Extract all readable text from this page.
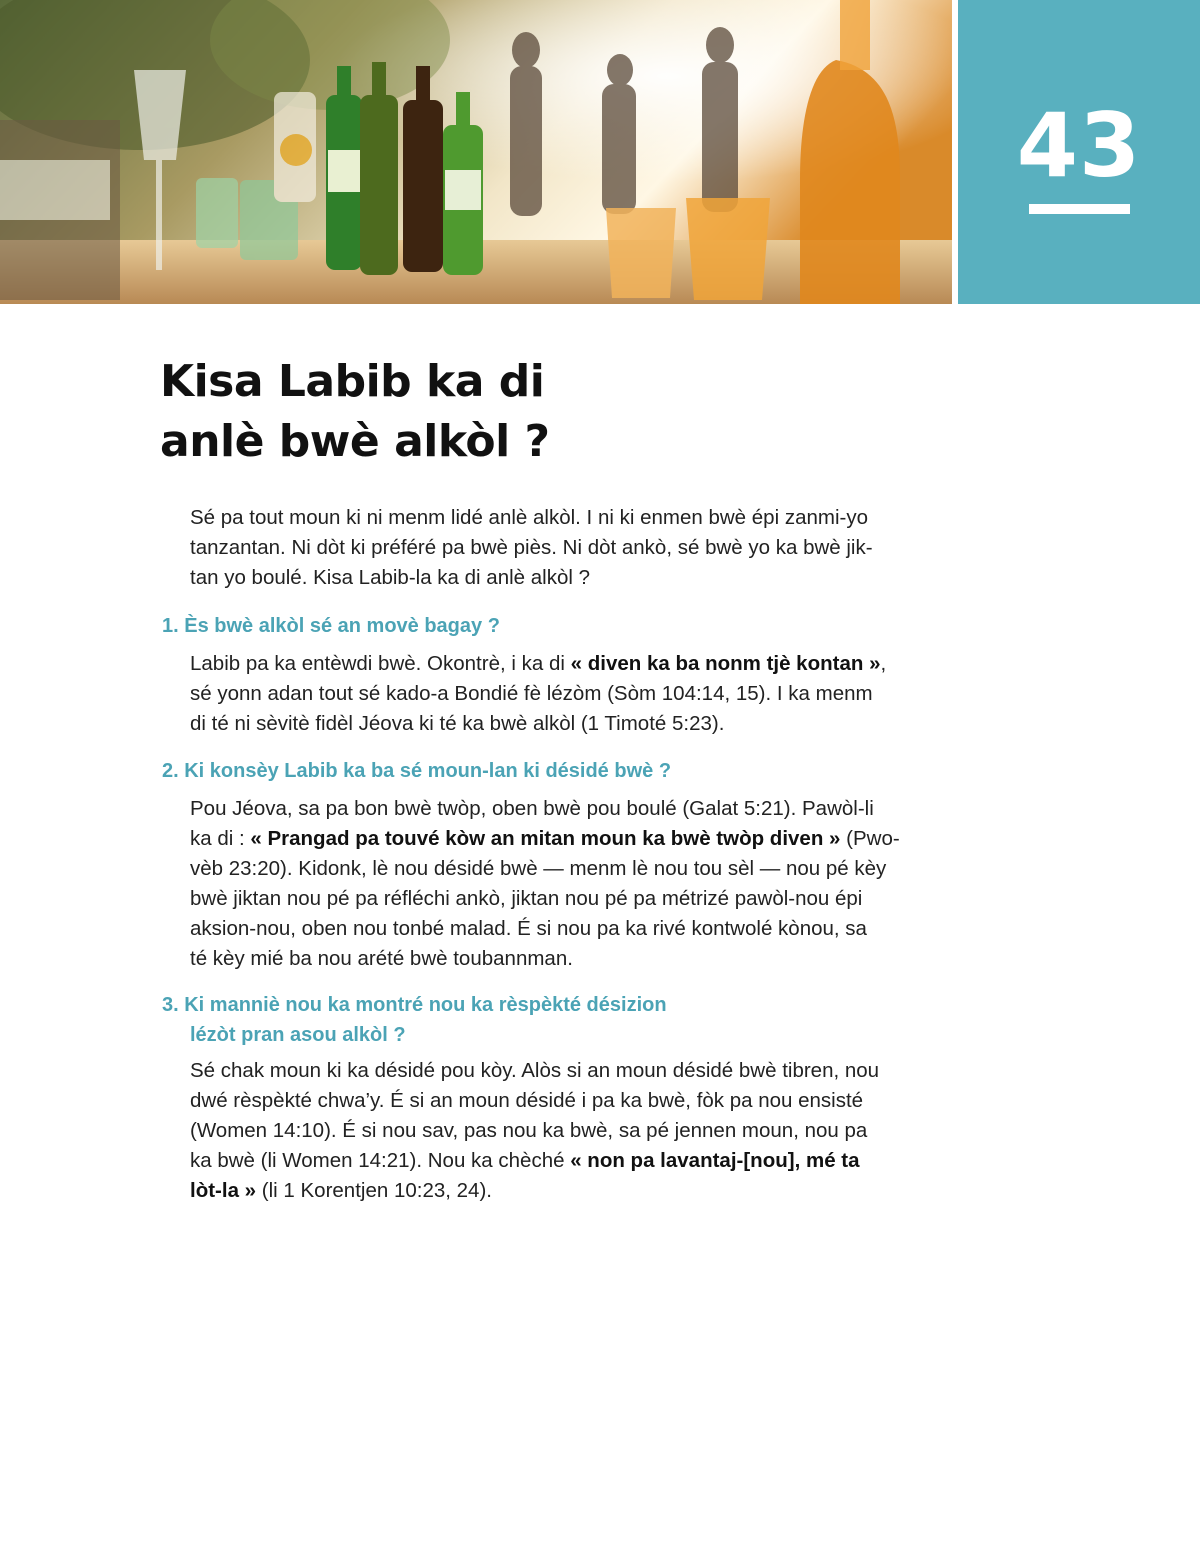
43
Kisa Labib ka di
anlè bwè alkòl ?
Sé pa tout moun ki ni menm lidé anlè alkòl. I ni ki enmen bwè épi zanmi-yo
tanzantan. Ni dòt ki préféré pa bwè piès. Ni dòt ankò, sé bwè yo ka bwè jik-
tan yo boulé. Kisa Labib-la ka di anlè alkòl ?
1. Ès bwè alkòl sé an movè bagay ?
Labib pa ka entèwdi bwè. Okontrè, i ka di « diven ka ba nonm tjè kontan »,
sé yonn adan tout sé kado-a Bondié fè lézòm (Sòm 104:14, 15). I ka menm
di té ni sèvitè fidèl Jéova ki té ka bwè alkòl (1 Timoté 5:23).
2. Ki konsèy Labib ka ba sé moun-lan ki désidé bwè ?
Pou Jéova, sa pa bon bwè twòp, oben bwè pou boulé (Galat 5:21). Pawòl-li
ka di : « Prangad pa touvé kòw an mitan moun ka bwè twòp diven » (Pwo-
vèb 23:20). Kidonk, lè nou désidé bwè — menm lè nou tou sèl — nou pé kèy
bwè jiktan nou pé pa réfléchi ankò, jiktan nou pé pa métrizé pawòl-nou épi
aksion-nou, oben nou tonbé malad. É si nou pa ka rivé kontwolé kònou, sa
té kèy mié ba nou arété bwè toubannman.
3. Ki manniè nou ka montré nou ka rèspèkté désizion
lézòt pran asou alkòl ?
Sé chak moun ki ka désidé pou kòy. Alòs si an moun désidé bwè tibren, nou
dwé rèspèkté chwa’y. É si an moun désidé i pa ka bwè, fòk pa nou ensisté
(Women 14:10). É si nou sav, pas nou ka bwè, sa pé jennen moun, nou pa
ka bwè (li Women 14:21). Nou ka chèché « non pa lavantaj-[nou], mé ta
lòt-la » (li 1 Korentjen 10:23, 24).
